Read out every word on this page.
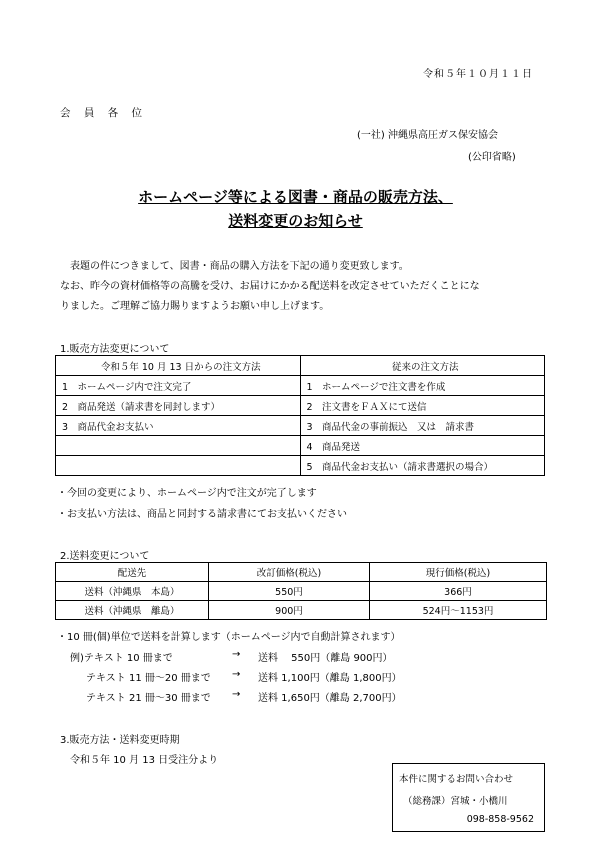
令和５年１０月１１日
会 員 各 位
(一社) 沖縄県高圧ガス保安協会
(公印省略)
ホームページ等による図書・商品の販売方法、
送料変更のお知らせ
　表題の件につきまして、図書・商品の購入方法を下記の通り変更致します。
なお、昨今の資材価格等の高騰を受け、お届けにかかる配送料を改定させていただくことにな
りました。ご理解ご協力賜りますようお願い申し上げます。
1.販売方法変更について
令和５年 10 月 13 日からの注文方法	従来の注文方法
1　ホームページ内で注文完了	1　ホームページで注文書を作成
2　商品発送（請求書を同封します）	2　注文書をＦＡＸにて送信
3　商品代金お支払い	3　商品代金の事前振込　又は　請求書
	4　商品発送
	5　商品代金お支払い（請求書選択の場合）
・今回の変更により、ホームページ内で注文が完了します
・お支払い方法は、商品と同封する請求書にてお支払いください
2.送料変更について
配送先	改訂価格(税込)	現行価格(税込)
送料（沖縄県　本島）	550円	366円
送料（沖縄県　離島）	900円	524円〜1153円
・10 冊(個)単位で送料を計算します（ホームページ内で自動計算されます）
例)テキスト 10 冊まで	→ 送料　 550円（離島 900円）
テキスト 11 冊〜20 冊まで → 送料 1,100円（離島 1,800円）
テキスト 21 冊〜30 冊まで → 送料 1,650円（離島 2,700円）
3.販売方法・送料変更時期
令和５年 10 月 13 日受注分より
本件に関するお問い合わせ
（総務課）宮城・小橋川
098-858-9562
